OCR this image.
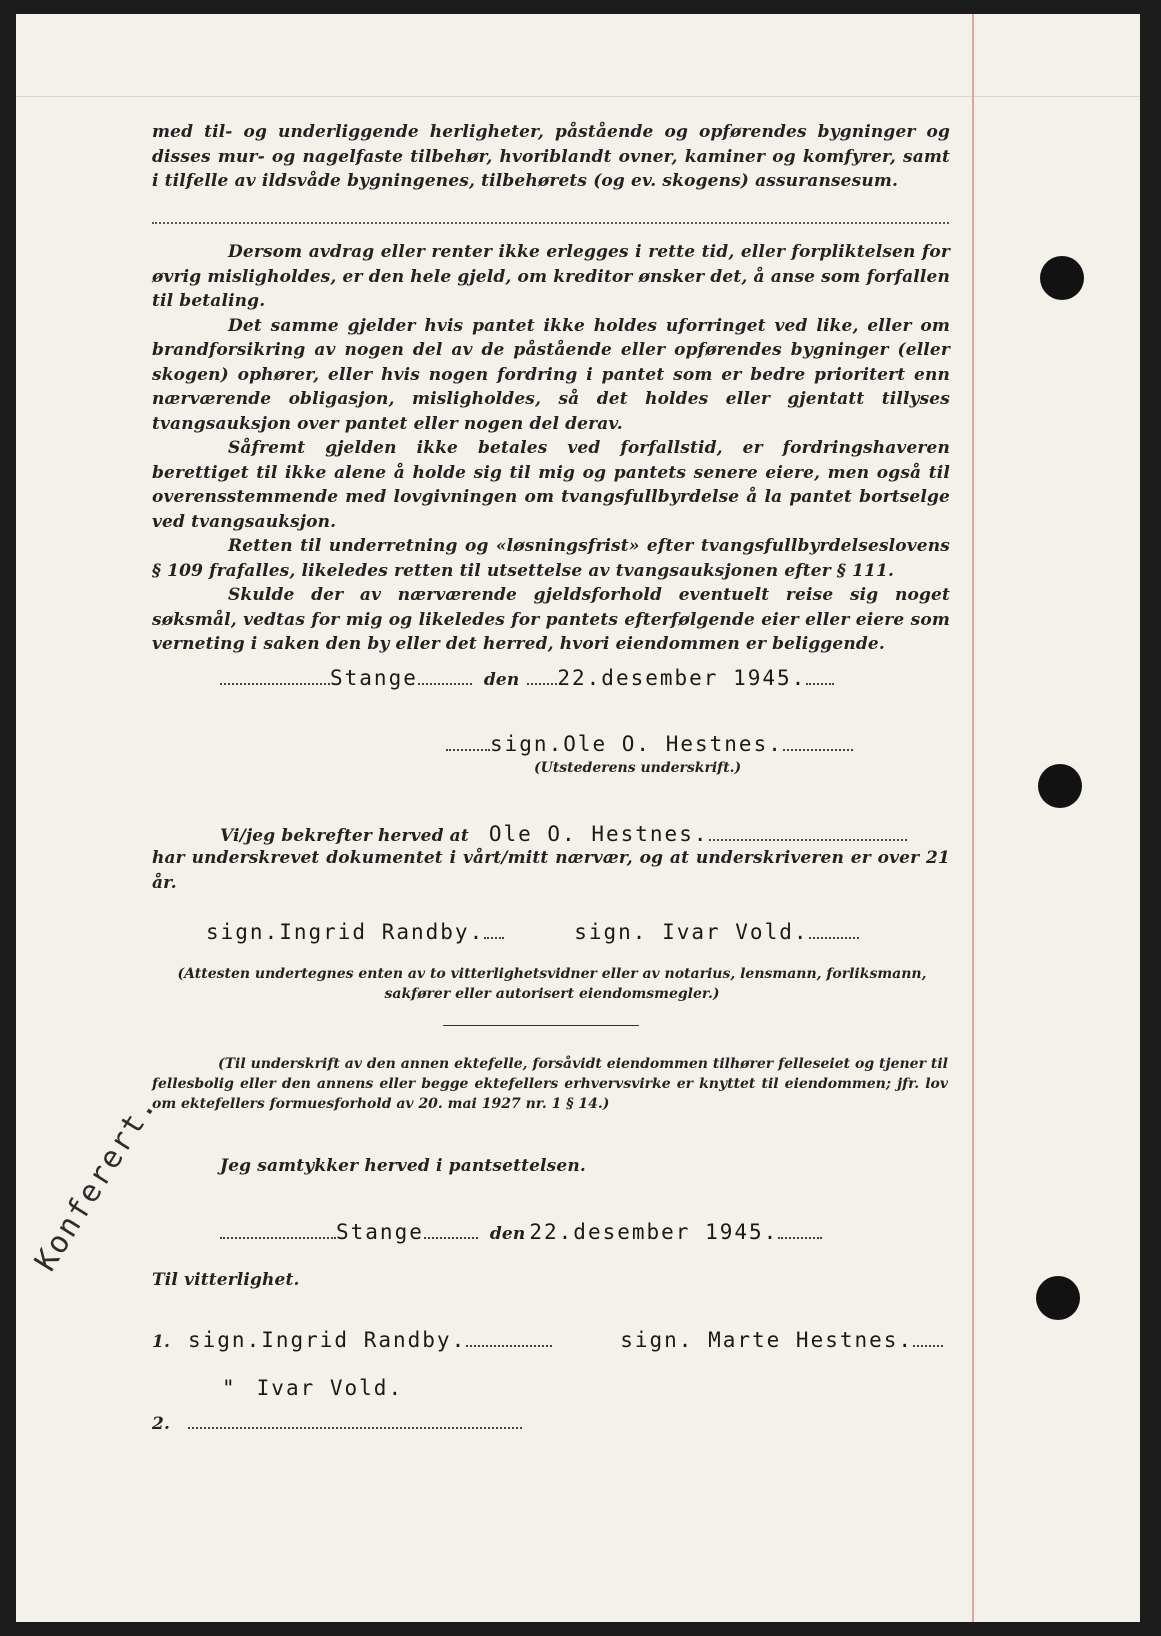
med til- og underliggende herligheter, påstående og opførendes bygninger og disses mur- og nagelfaste tilbehør, hvoriblandt ovner, kaminer og komfyrer, samt i tilfelle av ildsvåde bygningenes, tilbehørets (og ev. skogens) assuransesum.

Dersom avdrag eller renter ikke erlegges i rette tid, eller forpliktelsen for øvrig misligholdes, er den hele gjeld, om kreditor ønsker det, å anse som forfallen til betaling.

Det samme gjelder hvis pantet ikke holdes uforringet ved like, eller om brandforsikring av nogen del av de påstående eller opførendes bygninger (eller skogen) ophører, eller hvis nogen fordring i pantet som er bedre prioritert enn nærværende obligasjon, misligholdes, så det holdes eller gjentatt tillyses tvangsauksjon over pantet eller nogen del derav.

Såfremt gjelden ikke betales ved forfallstid, er fordringshaveren berettiget til ikke alene å holde sig til mig og pantets senere eiere, men også til overensstemmende med lovgivningen om tvangsfullbyrdelse å la pantet bortselge ved tvangsauksjon.

Retten til underretning og «løsningsfrist» efter tvangsfullbyrdelseslovens § 109 frafalles, likeledes retten til utsettelse av tvangsauksjonen efter § 111.

Skulde der av nærværende gjeldsforhold eventuelt reise sig noget søksmål, vedtas for mig og likeledes for pantets efterfølgende eier eller eiere som verneting i saken den by eller det herred, hvori eiendommen er beliggende.

Stange	den 22.desember 1945.
sign.Ole O. Hestnes.
(Utstederens underskrift.)
Vi/jeg bekrefter herved at Ole O. Hestnes.
har underskrevet dokumentet i vårt/mitt nærvær, og at underskriveren er over 21 år.
sign.Ingrid Randby.	sign. Ivar Vold.
(Attesten undertegnes enten av to vitterlighetsvidner eller av notarius, lensmann, forliksmann, sakfører eller autorisert eiendomsmegler.)
(Til underskrift av den annen ektefelle, forsåvidt eiendommen tilhører felleseiet og tjener til fellesbolig eller den annens eller begge ektefellers erhvervsvirke er knyttet til eiendommen; jfr. lov om ektefellers formuesforhold av 20. mai 1927 nr. 1 § 14.)
Jeg samtykker herved i pantsettelsen.
Stange	den 22.desember 1945.
Til vitterlighet.
1. sign.Ingrid Randby.	sign. Marte Hestnes.
" Ivar Vold.
2.
Konferert.
